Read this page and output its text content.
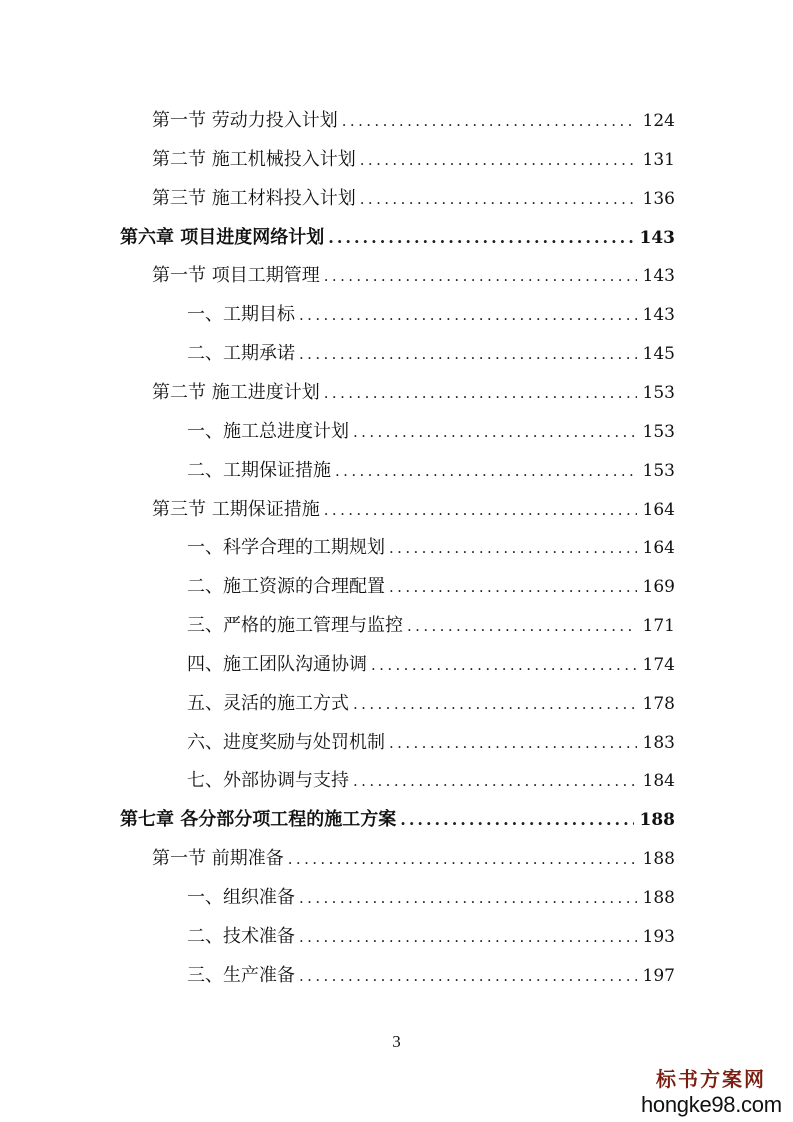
第一节 劳动力投入计划 .....	124
第二节 施工机械投入计划 .....	131
第三节 施工材料投入计划 .....	136
第六章 项目进度网络计划 .....	143
第一节 项目工期管理 .....	143
一、工期目标 .....	143
二、工期承诺 .....	145
第二节 施工进度计划 .....	153
一、施工总进度计划 .....	153
二、工期保证措施 .....	153
第三节 工期保证措施 .....	164
一、科学合理的工期规划 .....	164
二、施工资源的合理配置 .....	169
三、严格的施工管理与监控 .....	171
四、施工团队沟通协调 .....	174
五、灵活的施工方式 .....	178
六、进度奖励与处罚机制 .....	183
七、外部协调与支持 .....	184
第七章 各分部分项工程的施工方案 .....	188
第一节 前期准备 .....	188
一、组织准备 .....	188
二、技术准备 .....	193
三、生产准备 .....	197
3
标书方案网
hongke98.com
